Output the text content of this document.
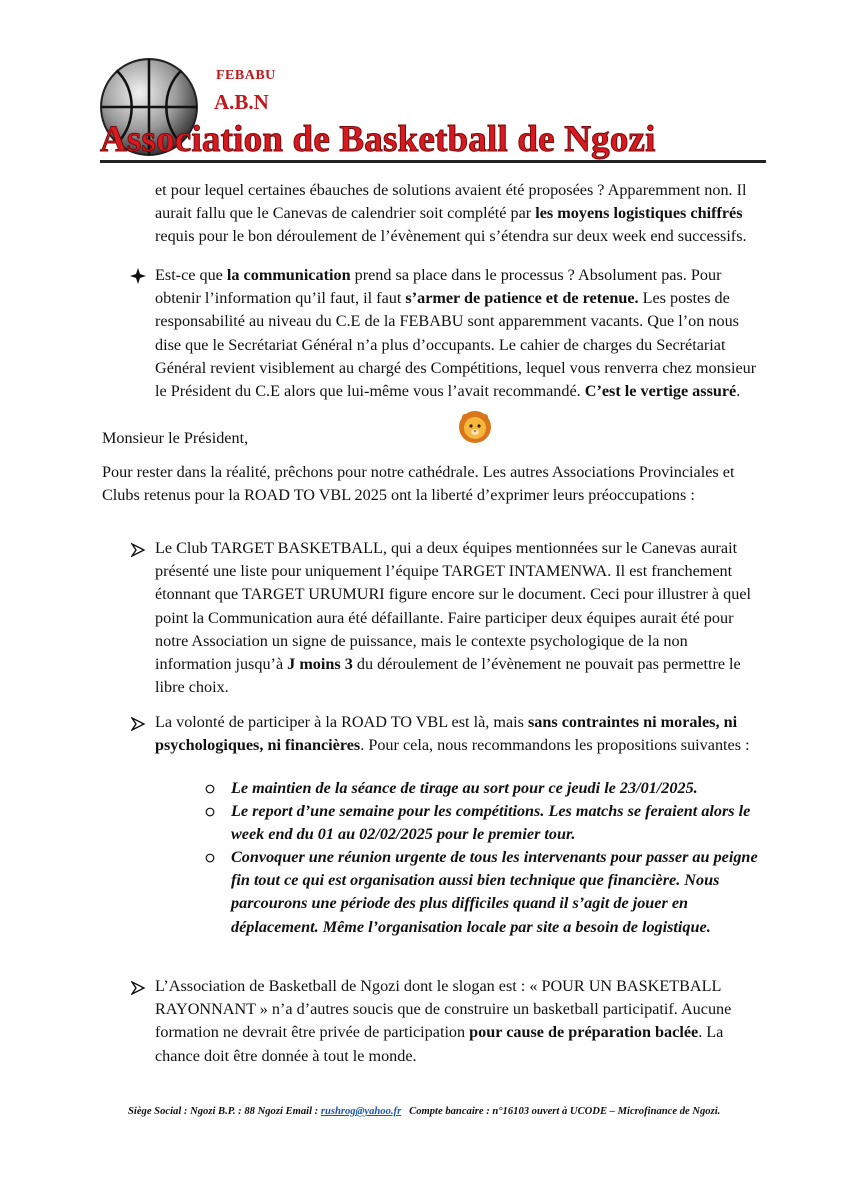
FEBABU
A.B.N
Association de Basketball de Ngozi

et pour lequel certaines ébauches de solutions avaient été proposées ? Apparemment non. Il aurait fallu que le Canevas de calendrier soit complété par les moyens logistiques chiffrés requis pour le bon déroulement de l’évènement qui s’étendra sur deux week end successifs.

Est-ce que la communication prend sa place dans le processus ? Absolument pas. Pour obtenir l’information qu’il faut, il faut s’armer de patience et de retenue. Les postes de responsabilité au niveau du C.E de la FEBABU sont apparemment vacants. Que l’on nous dise que le Secrétariat Général n’a plus d’occupants. Le cahier de charges du Secrétariat Général revient visiblement au chargé des Compétitions, lequel vous renverra chez monsieur le Président du C.E alors que lui-même vous l’avait recommandé. C’est le vertige assuré.

Monsieur le Président,

Pour rester dans la réalité, prêchons pour notre cathédrale. Les autres Associations Provinciales et Clubs retenus pour la ROAD TO VBL 2025 ont la liberté d’exprimer leurs préoccupations :

Le Club TARGET BASKETBALL, qui a deux équipes mentionnées sur le Canevas aurait présenté une liste pour uniquement l’équipe TARGET INTAMENWA. Il est franchement étonnant que TARGET URUMURI figure encore sur le document. Ceci pour illustrer à quel point la Communication aura été défaillante. Faire participer deux équipes aurait été pour notre Association un signe de puissance, mais le contexte psychologique de la non information jusqu’à J moins 3 du déroulement de l’évènement ne pouvait pas permettre le libre choix.

La volonté de participer à la ROAD TO VBL est là, mais sans contraintes ni morales, ni psychologiques, ni financières. Pour cela, nous recommandons les propositions suivantes :

Le maintien de la séance de tirage au sort pour ce jeudi le 23/01/2025.

Le report d’une semaine pour les compétitions. Les matchs se feraient alors le week end du 01 au 02/02/2025 pour le premier tour.

Convoquer une réunion urgente de tous les intervenants pour passer au peigne fin tout ce qui est organisation aussi bien technique que financière. Nous parcourons une période des plus difficiles quand il s’agit de jouer en déplacement. Même l’organisation locale par site a besoin de logistique.

L’Association de Basketball de Ngozi dont le slogan est : « POUR UN BASKETBALL RAYONNANT » n’a d’autres soucis que de construire un basketball participatif. Aucune formation ne devrait être privée de participation pour cause de préparation baclée. La chance doit être donnée à tout le monde.

Siège Social : Ngozi B.P. : 88 Ngozi Email : rushrog@yahoo.fr   Compte bancaire : n°16103 ouvert à UCODE – Microfinance de Ngozi.
